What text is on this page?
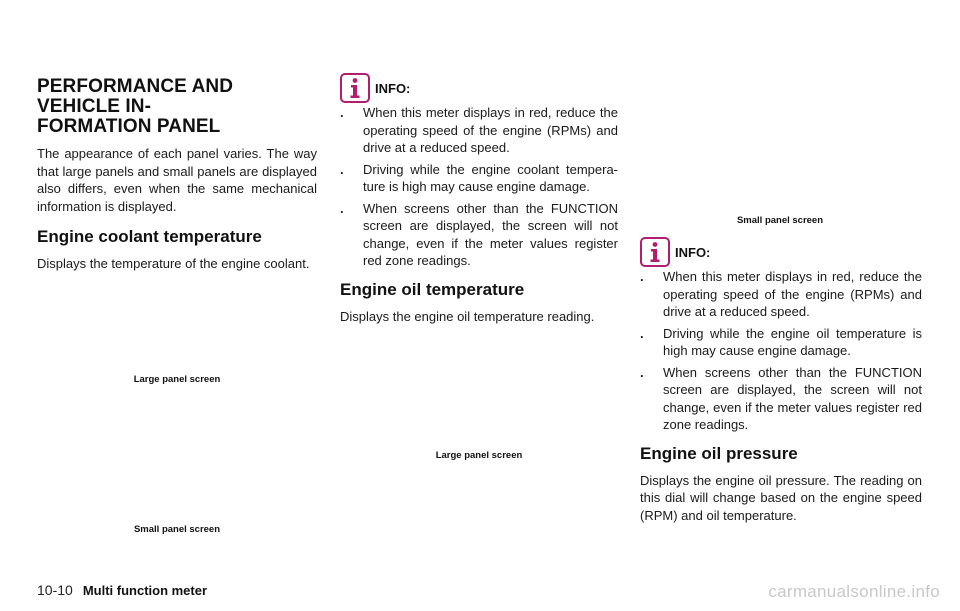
PERFORMANCE AND VEHICLE IN-
FORMATION PANEL

The appearance of each panel varies. The way that large panels and small panels are displayed also differs, even when the same mechanical information is displayed.

Engine coolant temperature

Displays the temperature of the engine coolant.

Large panel screen
Small panel screen
INFO:
. When this meter displays in red, reduce the operating speed of the engine (RPMs) and drive at a reduced speed.
. Driving while the engine coolant tempera-ture is high may cause engine damage.
. When screens other than the FUNCTION screen are displayed, the screen will not change, even if the meter values register red zone readings.
Engine oil temperature

Displays the engine oil temperature reading.

Large panel screen
Small panel screen
INFO:
. When this meter displays in red, reduce the operating speed of the engine (RPMs) and drive at a reduced speed.
. Driving while the engine oil temperature is high may cause engine damage.
. When screens other than the FUNCTION screen are displayed, the screen will not change, even if the meter values register red zone readings.
Engine oil pressure

Displays the engine oil pressure. The reading on this dial will change based on the engine speed (RPM) and oil temperature.

10-10 Multi function meter	carmanualsonline.info
